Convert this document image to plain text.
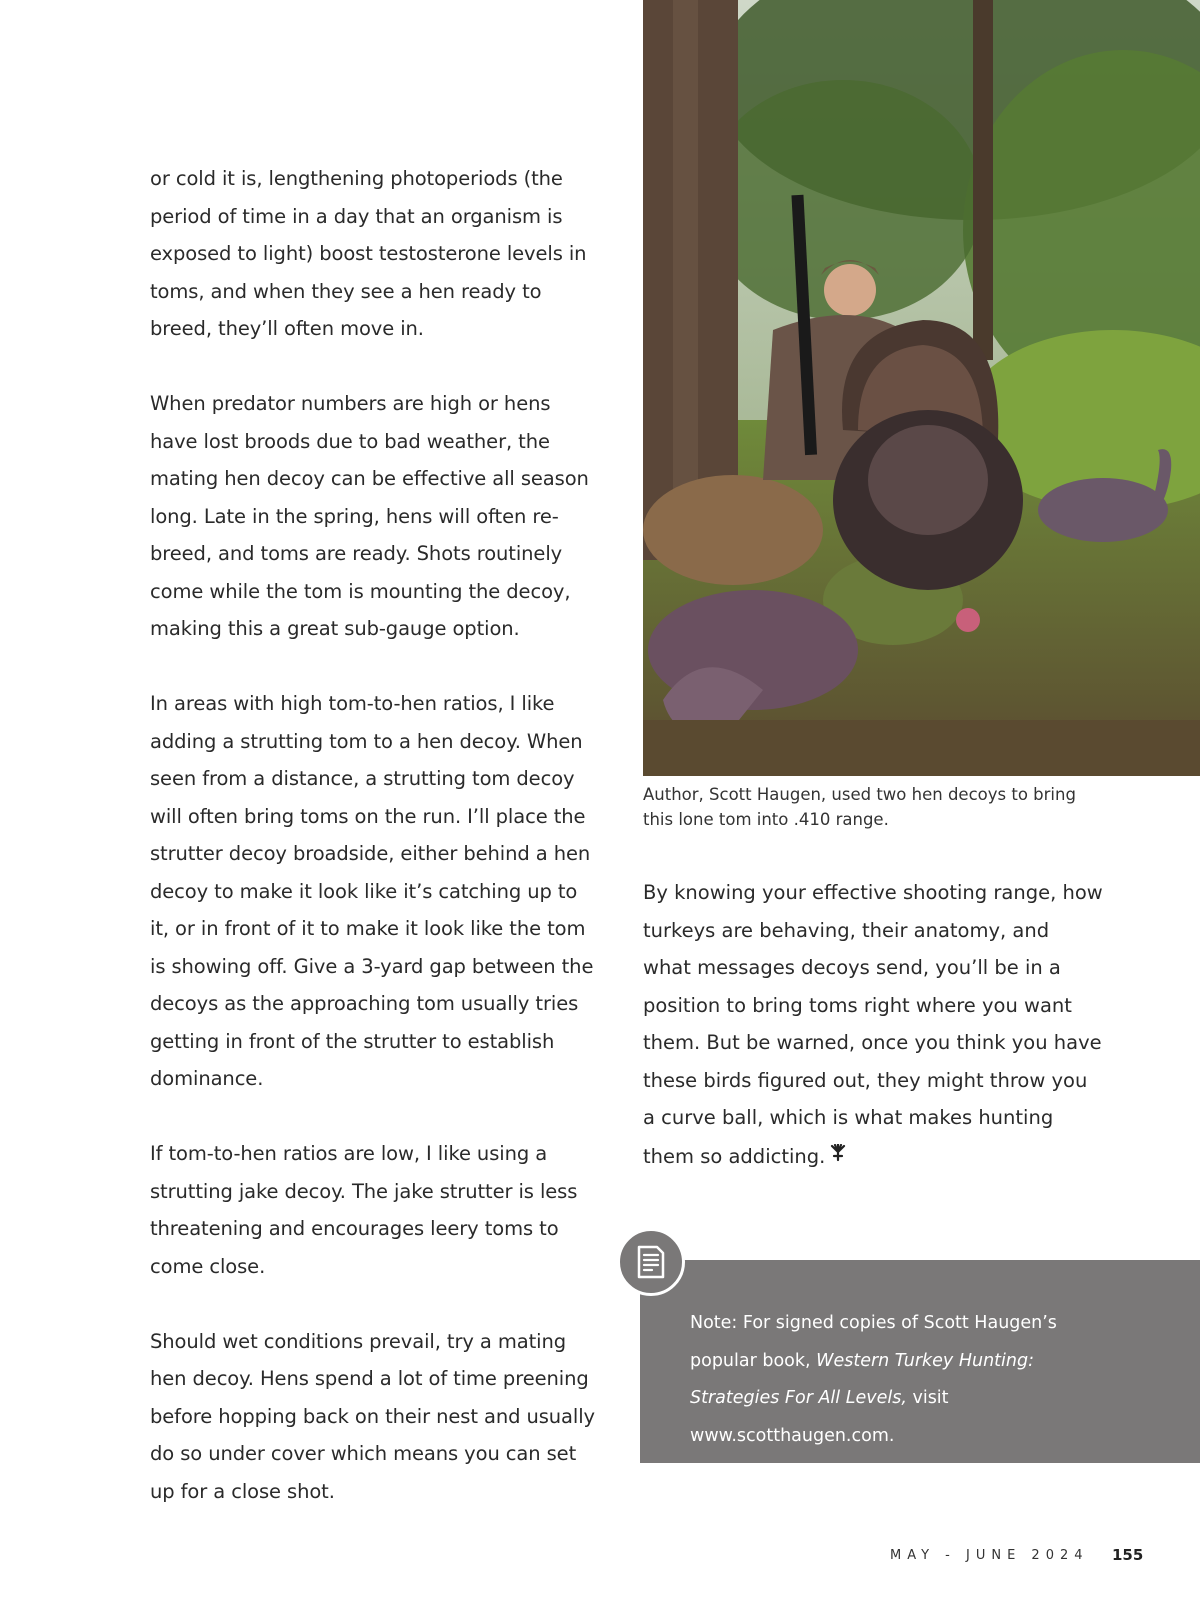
or cold it is, lengthening photoperiods (the period of time in a day that an organism is exposed to light) boost testosterone levels in toms, and when they see a hen ready to breed, they’ll often move in.

When predator numbers are high or hens have lost broods due to bad weather, the mating hen decoy can be effective all season long. Late in the spring, hens will often re-breed, and toms are ready. Shots routinely come while the tom is mounting the decoy, making this a great sub-gauge option.

In areas with high tom-to-hen ratios, I like adding a strutting tom to a hen decoy. When seen from a distance, a strutting tom decoy will often bring toms on the run. I’ll place the strutter decoy broadside, either behind a hen decoy to make it look like it’s catching up to it, or in front of it to make it look like the tom is showing off. Give a 3-yard gap between the decoys as the approaching tom usually tries getting in front of the strutter to establish dominance.

If tom-to-hen ratios are low, I like using a strutting jake decoy. The jake strutter is less threatening and encourages leery toms to come close.

Should wet conditions prevail, try a mating hen decoy. Hens spend a lot of time preening before hopping back on their nest and usually do so under cover which means you can set up for a close shot.

Author, Scott Haugen, used two hen decoys to bring this lone tom into .410 range.

By knowing your effective shooting range, how turkeys are behaving, their anatomy, and what messages decoys send, you’ll be in a position to bring toms right where you want them. But be warned, once you think you have these birds figured out, they might throw you a curve ball, which is what makes hunting them so addicting.

Note: For signed copies of Scott Haugen’s popular book, Western Turkey Hunting: Strategies For All Levels, visit www.scotthaugen.com.
MAY - JUNE 2024 155
